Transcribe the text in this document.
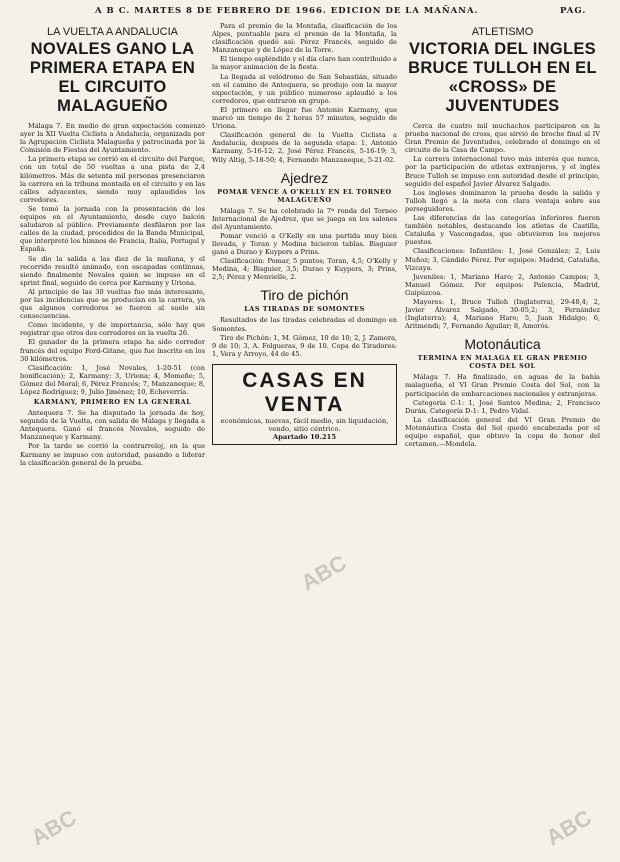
A B C. MARTES 8 DE FEBRERO DE 1966. EDICION DE LA MAÑANA.	PAG.
LA VUELTA A ANDALUCIA
NOVALES GANO LA PRIMERA ETAPA EN EL CIRCUITO MALAGUEÑO

Málaga 7. En medio de gran expectación comenzó ayer la XII Vuelta Ciclista a Andalucía, organizada por la Agrupación Ciclista Malagueña y patrocinada por la Comisión de Fiestas del Ayuntamiento.

La primera etapa se corrió en el circuito del Parque, con un total de 50 vueltas a una pista de 2,4 kilómetros. Más de setenta mil personas presenciaron la carrera en la tribuna montada en el circuito y en las calles adyacentes, siendo muy aplaudidos los corredores.

Se tomó la jornada con la presentación de los equipos en el Ayuntamiento, desde cuyo balcón saludaron al público. Previamente desfilaron por las calles de la ciudad, precedidos de la Banda Municipal, que interpretó los himnos de Francia, Italia, Portugal y España.

Se dio la salida a las diez de la mañana, y el recorrido resultó animado, con escapadas continuas, siendo finalmente Novales quien se impuso en el sprint final, seguido de cerca por Karmany y Uriona.

Al principio de las 30 vueltas fue más interesante, por las incidencias que se producían en la carrera, ya que algunos corredores se fueron al suelo sin consecuencias.

Como incidente, y de importancia, sólo hay que registrar que otros dos corredores en la vuelta 26.

El ganador de la primera etapa ha sido corredor francés del equipo Ford-Gitane, que fue inscrito en los 30 kilómetros.

Clasificación: 1, José Novales, 1-20-51 (con bonificación); 2, Karmany; 3, Uriona; 4, Momeñe; 5, Gómez del Moral; 6, Pérez Francés; 7, Manzaneque; 8, López Rodríguez; 9, Julio Jiménez; 10, Echeverría.

KARMANY, PRIMERO EN LA GENERAL

Antequera 7. Se ha disputado la jornada de hoy, segunda de la Vuelta, con salida de Málaga y llegada a Antequera. Ganó el francés Novales, seguido de Manzaneque y Karmany.

Por la tarde se corrió la contrarreloj, en la que Karmany se impuso con autoridad, pasando a liderar la clasificación general de la prueba.

Para el premio de la Montaña, clasificación de los Alpes, puntuable para el premio de la Montaña, la clasificación quedó así: Pérez Francés, seguido de Manzaneque y de López de la Torre.

El tiempo espléndido y el día claro han contribuido a la mayor animación de la fiesta.

La llegada al velódromo de San Sebastián, situado en el camino de Antequera, se produjo con la mayor expectación, y un público numeroso aplaudió a los corredores, que entraron en grupo.

El primero en llegar fue Antonio Karmany, que marcó un tiempo de 2 horas 57 minutos, seguido de Uriona.

Clasificación general de la Vuelta Ciclista a Andalucía, después de la segunda etapa: 1, Antonio Karmany, 5-16-12; 2, José Pérez Francés, 5-16-19; 3, Wily Altig, 5-18-50; 4, Fernando Manzaneque, 5-21-02.

Ajedrez
POMAR VENCE A O'KELLY EN EL TORNEO MALAGUEÑO

Málaga 7. Se ha celebrado la 7ª ronda del Torneo Internacional de Ajedrez, que se juega en los salones del Ayuntamiento.

Pomar venció a O'Kelly en una partida muy bien llevada, y Toran y Medina hicieron tablas. Bisguier ganó a Durao y Kuypers a Prins.

Clasificación: Pomar, 5 puntos; Toran, 4,5; O'Kelly y Medina, 4; Bisguier, 3,5; Durao y Kuypers, 3; Prins, 2,5; Pérez y Menvielle, 2.

Tiro de pichón
LAS TIRADAS DE SOMONTES

Resultados de las tiradas celebradas el domingo en Somontes.

Tiro de Pichón: 1, M. Gómez, 10 de 10; 2, J. Zamora, 9 de 10; 3, A. Folgueras, 9 de 10. Copa de Tiradores: 1, Vera y Arroyo, 44 de 45.

CASAS EN VENTA
económicas, nuevas, fácil medio, sin liquidación, vendo, sitio céntrico.
Apartado 10.215
ATLETISMO
VICTORIA DEL INGLES BRUCE TULLOH EN EL «CROSS» DE JUVENTUDES

Cerca de cuatro mil muchachos participaron en la prueba nacional de cross, que sirvió de broche final al IV Gran Premio de Juventudes, celebrado el domingo en el circuito de la Casa de Campo.

La carrera internacional tuvo más interés que nunca, por la participación de atletas extranjeros, y el inglés Bruce Tulloh se impuso con autoridad desde el principio, seguido del español Javier Álvarez Salgado.

Los ingleses dominaron la prueba desde la salida y Tulloh llegó a la meta con clara ventaja sobre sus perseguidores.

Las diferencias de las categorías inferiores fueron también notables, destacando los atletas de Castilla, Cataluña y Vascongadas, que obtuvieron los mejores puestos.

Clasificaciones: Infantiles: 1, José González; 2, Luis Muñoz; 3, Cándido Pérez. Por equipos: Madrid, Cataluña, Vizcaya.

Juveniles: 1, Mariano Haro; 2, Antonio Campos; 3, Manuel Gómez. Por equipos: Palencia, Madrid, Guipúzcoa.

Mayores: 1, Bruce Tulloh (Inglaterra), 29-48,4; 2, Javier Álvarez Salgado, 30-05,2; 3, Fernández (Inglaterra); 4, Mariano Haro; 5, Juan Hidalgo; 6, Aritmendi; 7, Fernando Aguilar; 8, Amorós.

Motonáutica
TERMINA EN MALAGA EL GRAN PREMIO COSTA DEL SOL

Málaga 7. Ha finalizado, en aguas de la bahía malagueña, el VI Gran Premio Costa del Sol, con la participación de embarcaciones nacionales y extranjeras.

Categoría C-1: 1, José Santos Medina; 2, Francisco Durán. Categoría D-1: 1, Pedro Vidal.

La clasificación general del VI Gran Premio de Motonáutica Costa del Sol quedó encabezada por el equipo español, que obtuvo la copa de honor del certamen.—Mondela.

ABC
ABC
ABC
